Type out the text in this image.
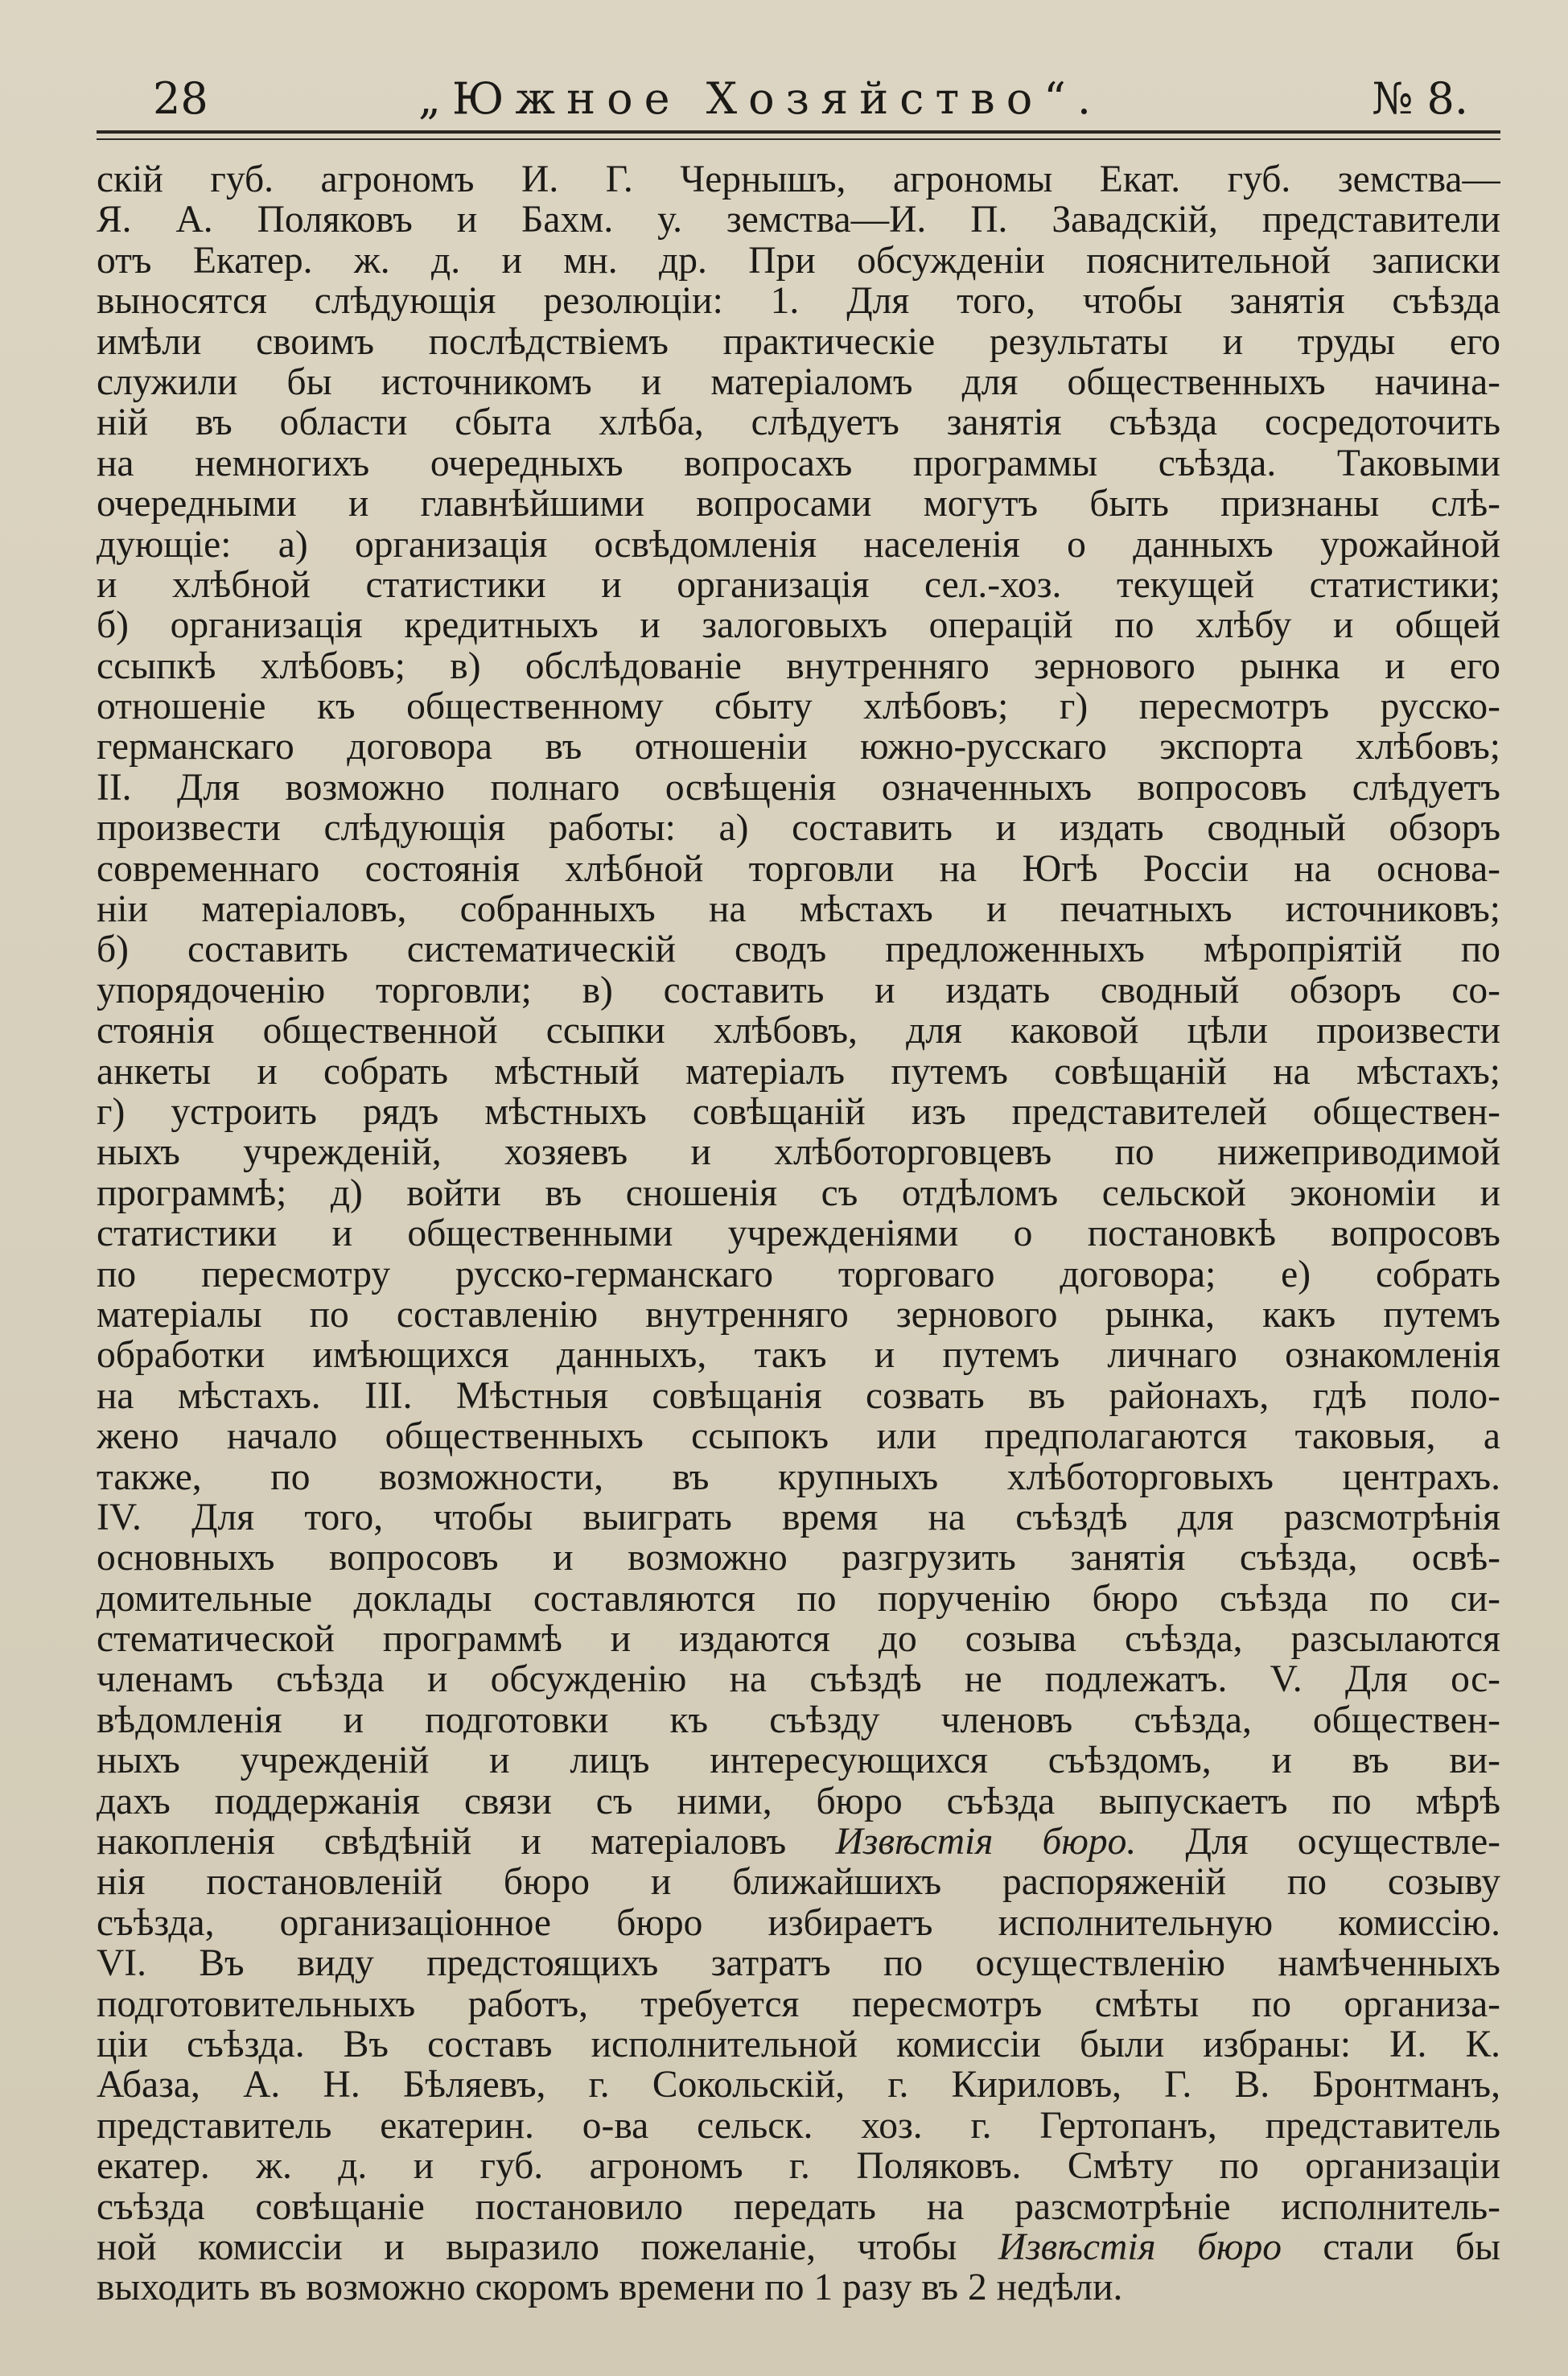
28	„Южное Хозяйство“.	№ 8.
скій губ. агрономъ И. Г. Чернышъ, агрономы Екат. губ. земства—
Я. А. Поляковъ и Бахм. у. земства—И. П. Завадскій, представители
отъ Екатер. ж. д. и мн. др. При обсужденіи пояснительной записки
выносятся слѣдующія резолюціи: 1. Для того, чтобы занятія съѣзда
имѣли своимъ послѣдствіемъ практическіе результаты и труды его
служили бы источникомъ и матеріаломъ для общественныхъ начина-
ній въ области сбыта хлѣба, слѣдуетъ занятія съѣзда сосредоточить
на немногихъ очередныхъ вопросахъ программы съѣзда. Таковыми
очередными и главнѣйшими вопросами могутъ быть признаны слѣ-
дующіе: а) организація освѣдомленія населенія о данныхъ урожайной
и хлѣбной статистики и организація сел.-хоз. текущей статистики;
б) организація кредитныхъ и залоговыхъ операцій по хлѣбу и общей
ссыпкѣ хлѣбовъ; в) обслѣдованіе внутренняго зернового рынка и его
отношеніе къ общественному сбыту хлѣбовъ; г) пересмотръ русско-
германскаго договора въ отношеніи южно-русскаго экспорта хлѣбовъ;
II. Для возможно полнаго освѣщенія означенныхъ вопросовъ слѣдуетъ
произвести слѣдующія работы: а) составить и издать сводный обзоръ
современнаго состоянія хлѣбной торговли на Югѣ Россіи на основа-
ніи матеріаловъ, собранныхъ на мѣстахъ и печатныхъ источниковъ;
б) составить систематическій сводъ предложенныхъ мѣропріятій по
упорядоченію торговли; в) составить и издать сводный обзоръ со-
стоянія общественной ссыпки хлѣбовъ, для каковой цѣли произвести
анкеты и собрать мѣстный матеріалъ путемъ совѣщаній на мѣстахъ;
г) устроить рядъ мѣстныхъ совѣщаній изъ представителей обществен-
ныхъ учрежденій, хозяевъ и хлѣботорговцевъ по нижеприводимой
программѣ; д) войти въ сношенія съ отдѣломъ сельской экономіи и
статистики и общественными учрежденіями о постановкѣ вопросовъ
по пересмотру русско-германскаго торговаго договора; е) собрать
матеріалы по составленію внутренняго зернового рынка, какъ путемъ
обработки имѣющихся данныхъ, такъ и путемъ личнаго ознакомленія
на мѣстахъ. III. Мѣстныя совѣщанія созвать въ районахъ, гдѣ поло-
жено начало общественныхъ ссыпокъ или предполагаются таковыя, а
также, по возможности, въ крупныхъ хлѣботорговыхъ центрахъ.
IV. Для того, чтобы выиграть время на съѣздѣ для разсмотрѣнія
основныхъ вопросовъ и возможно разгрузить занятія съѣзда, освѣ-
домительные доклады составляются по порученію бюро съѣзда по си-
стематической программѣ и издаются до созыва съѣзда, разсылаются
членамъ съѣзда и обсужденію на съѣздѣ не подлежатъ. V. Для ос-
вѣдомленія и подготовки къ съѣзду членовъ съѣзда, обществен-
ныхъ учрежденій и лицъ интересующихся съѣздомъ, и въ ви-
дахъ поддержанія связи съ ними, бюро съѣзда выпускаетъ по мѣрѣ
накопленія свѣдѣній и матеріаловъ Извѣстія бюро. Для осуществле-
нія постановленій бюро и ближайшихъ распоряженій по созыву
съѣзда, организаціонное бюро избираетъ исполнительную комиссію.
VI. Въ виду предстоящихъ затратъ по осуществленію намѣченныхъ
подготовительныхъ работъ, требуется пересмотръ смѣты по организа-
ціи съѣзда. Въ составъ исполнительной комиссіи были избраны: И. К.
Абаза, А. Н. Бѣляевъ, г. Сокольскій, г. Кириловъ, Г. В. Бронтманъ,
представитель екатерин. о-ва сельск. хоз. г. Гертопанъ, представитель
екатер. ж. д. и губ. агрономъ г. Поляковъ. Смѣту по организаціи
съѣзда совѣщаніе постановило передать на разсмотрѣніе исполнитель-
ной комиссіи и выразило пожеланіе, чтобы Извѣстія бюро стали бы
выходить въ возможно скоромъ времени по 1 разу въ 2 недѣли.
